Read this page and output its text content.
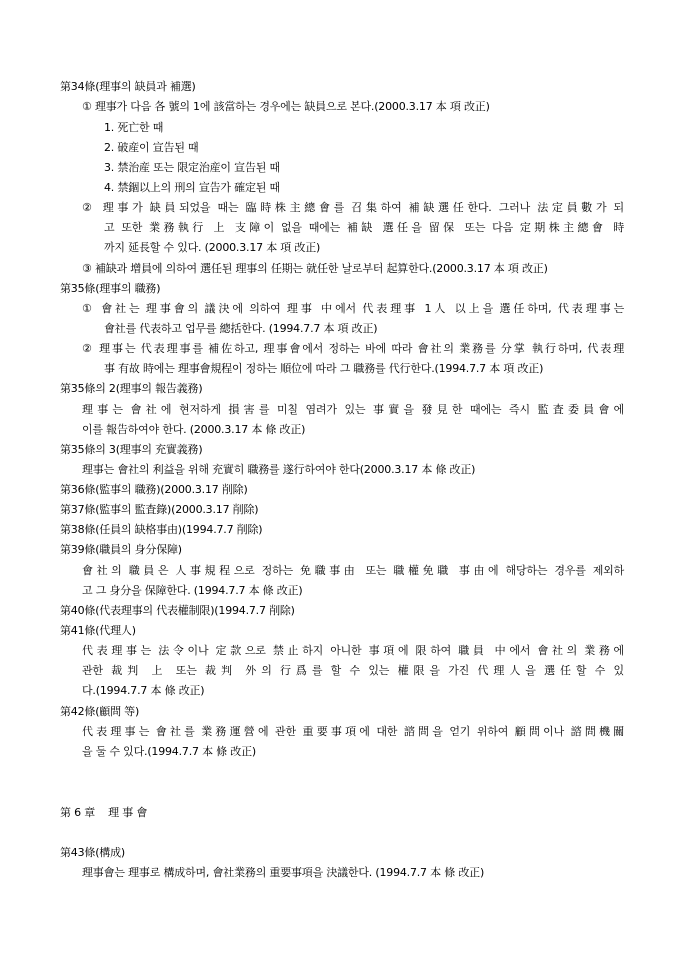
第34條(理事의 缺員과 補選)
① 理事가 다음 各 號의 1에 該當하는 경우에는 缺員으로 본다.(2000.3.17 本 項 改正)
1. 死亡한 때
2. 破産이 宣告된 때
3. 禁治産 또는 限定治産이 宣告된 때
4. 禁錮以上의 刑의 宣告가 確定된 때
② 理事가 缺員되었을 때는 臨時株主總會를 召集하여 補缺選任한다. 그러나 法定員數가 되
고 또한 業務執行 上 支障이 없을 때에는 補缺 選任을 留保 또는 다음 定期株主總會 時
까지 延長할 수 있다. (2000.3.17 本 項 改正)
③ 補缺과 增員에 의하여 選任된 理事의 任期는 就任한 날로부터 起算한다.(2000.3.17 本 項 改正)
第35條(理事의 職務)
① 會社는 理事會의 議決에 의하여 理事 中에서 代表理事 1人 以上을 選任하며, 代表理事는
會社를 代表하고 업무를 總括한다. (1994.7.7 本 項 改正)
② 理事는 代表理事를 補佐하고, 理事會에서 정하는 바에 따라 會社의 業務를 分掌 執行하며, 代表理
事 有故 時에는 理事會規程이 정하는 順位에 따라 그 職務를 代行한다.(1994.7.7 本 項 改正)
第35條의 2(理事의 報告義務)
理事는 會社에 현저하게 損害를 미칠 염려가 있는 事實을 發見한 때에는 즉시 監査委員會에
이를 報告하여야 한다. (2000.3.17 本 條 改正)
第35條의 3(理事의 充實義務)
理事는 會社의 利益을 위해 充實히 職務를 遂行하여야 한다(2000.3.17 本 條 改正)
第36條(監事의 職務)(2000.3.17 削除)
第37條(監事의 監査錄)(2000.3.17 削除)
第38條(任員의 缺格事由)(1994.7.7 削除)
第39條(職員의 身分保障)
會社의 職員은 人事規程으로 정하는 免職事由 또는 職權免職 事由에 해당하는 경우를 제외하
고 그 身分을 保障한다. (1994.7.7 本 條 改正)
第40條(代表理事의 代表權制限)(1994.7.7 削除)
第41條(代理人)
代表理事는 法令이나 定款으로 禁止하지 아니한 事項에 限하여 職員 中에서 會社의 業務에
관한 裁判 上 또는 裁判 外의 行爲를 할 수 있는 權限을 가진 代理人을 選任할 수 있
다.(1994.7.7 本 條 改正)
第42條(顧問 等)
代表理事는 會社를 業務運營에 관한 重要事項에 대한 諮問을 얻기 위하여 顧問이나 諮問機關
을 둘 수 있다.(1994.7.7 本 條 改正)
第 6 章    理 事 會
第43條(構成)
理事會는 理事로 構成하며, 會社業務의 重要事項을 決議한다. (1994.7.7 本 條 改正)
